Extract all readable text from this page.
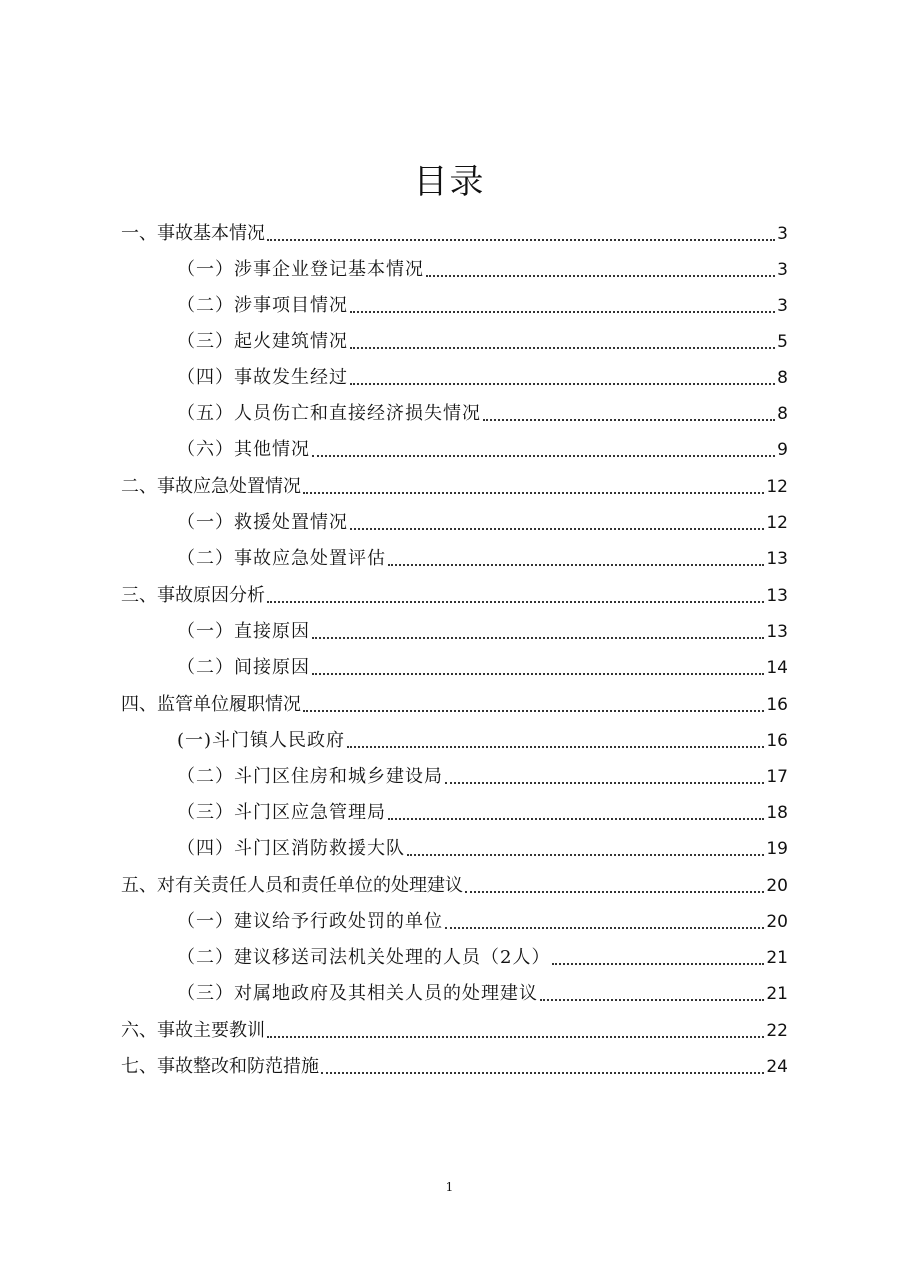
目录
一、事故基本情况	3
（一）涉事企业登记基本情况	3
（二）涉事项目情况	3
（三）起火建筑情况	5
（四）事故发生经过	8
（五）人员伤亡和直接经济损失情况	8
（六）其他情况	9
二、事故应急处置情况	12
（一）救援处置情况	12
（二）事故应急处置评估	13
三、事故原因分析	13
（一）直接原因	13
（二）间接原因	14
四、监管单位履职情况	16
(一)斗门镇人民政府	16
（二）斗门区住房和城乡建设局	17
（三）斗门区应急管理局	18
（四）斗门区消防救援大队	19
五、对有关责任人员和责任单位的处理建议	20
（一）建议给予行政处罚的单位	20
（二）建议移送司法机关处理的人员（2人）	21
（三）对属地政府及其相关人员的处理建议	21
六、事故主要教训	22
七、事故整改和防范措施	24
1
